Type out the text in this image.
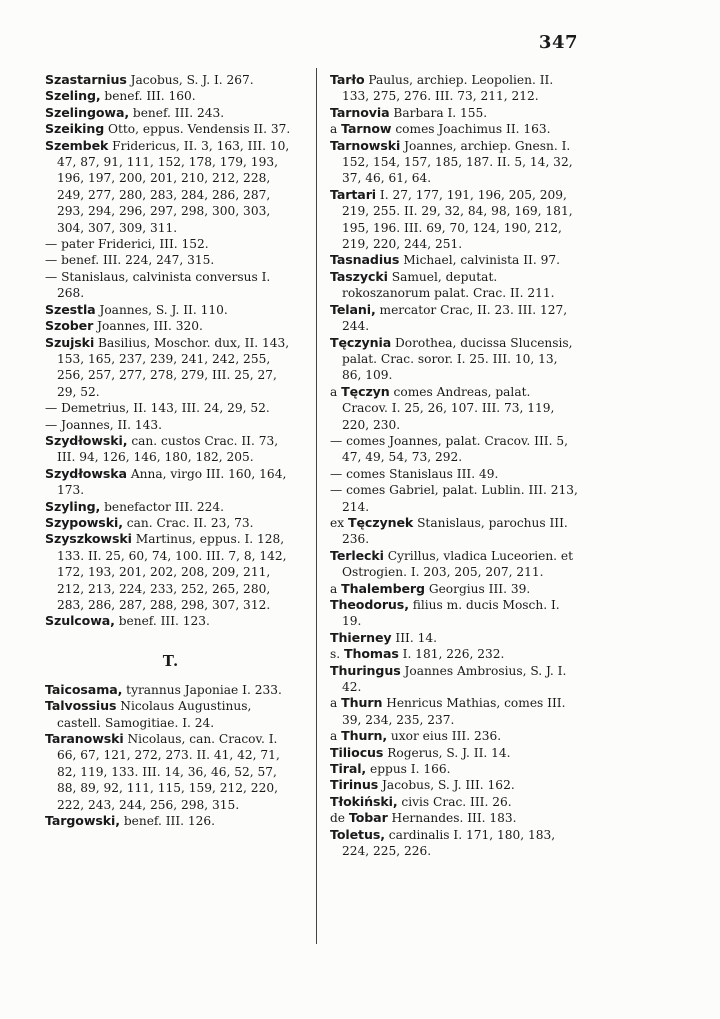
347

Szastarnius Jacobus, S. J. I. 267.

Szeling, benef. III. 160.

Szelingowa, benef. III. 243.

Szeiking Otto, eppus. Vendensis II. 37.

Szembek Fridericus, II. 3, 163, III. 10, 47, 87, 91, 111, 152, 178, 179, 193, 196, 197, 200, 201, 210, 212, 228, 249, 277, 280, 283, 284, 286, 287, 293, 294, 296, 297, 298, 300, 303, 304, 307, 309, 311.

— pater Friderici, III. 152.

— benef. III. 224, 247, 315.

— Stanislaus, calvinista conversus I. 268.

Szestla Joannes, S. J. II. 110.

Szober Joannes, III. 320.

Szujski Basilius, Moschor. dux, II. 143, 153, 165, 237, 239, 241, 242, 255, 256, 257, 277, 278, 279, III. 25, 27, 29, 52.

— Demetrius, II. 143, III. 24, 29, 52.

— Joannes, II. 143.

Szydłowski, can. custos Crac. II. 73, III. 94, 126, 146, 180, 182, 205.

Szydłowska Anna, virgo III. 160, 164, 173.

Szyling, benefactor III. 224.

Szypowski, can. Crac. II. 23, 73.

Szyszkowski Martinus, eppus. I. 128, 133. II. 25, 60, 74, 100. III. 7, 8, 142, 172, 193, 201, 202, 208, 209, 211, 212, 213, 224, 233, 252, 265, 280, 283, 286, 287, 288, 298, 307, 312.

Szulcowa, benef. III. 123.

T.

Taicosama, tyrannus Japoniae I. 233.

Talvossius Nicolaus Augustinus, castell. Samogitiae. I. 24.

Taranowski Nicolaus, can. Cracov. I. 66, 67, 121, 272, 273. II. 41, 42, 71, 82, 119, 133. III. 14, 36, 46, 52, 57, 88, 89, 92, 111, 115, 159, 212, 220, 222, 243, 244, 256, 298, 315.

Targowski, benef. III. 126.

Tarło Paulus, archiep. Leopolien. II. 133, 275, 276. III. 73, 211, 212.

Tarnovia Barbara I. 155.

a Tarnow comes Joachimus II. 163.

Tarnowski Joannes, archiep. Gnesn. I. 152, 154, 157, 185, 187. II. 5, 14, 32, 37, 46, 61, 64.

Tartari I. 27, 177, 191, 196, 205, 209, 219, 255. II. 29, 32, 84, 98, 169, 181, 195, 196. III. 69, 70, 124, 190, 212, 219, 220, 244, 251.

Tasnadius Michael, calvinista II. 97.

Taszycki Samuel, deputat. rokoszanorum palat. Crac. II. 211.

Telani, mercator Crac, II. 23. III. 127, 244.

Tęczynia Dorothea, ducissa Slucensis, palat. Crac. soror. I. 25. III. 10, 13, 86, 109.

a Tęczyn comes Andreas, palat. Cracov. I. 25, 26, 107. III. 73, 119, 220, 230.

— comes Joannes, palat. Cracov. III. 5, 47, 49, 54, 73, 292.

— comes Stanislaus III. 49.

— comes Gabriel, palat. Lublin. III. 213, 214.

ex Tęczynek Stanislaus, parochus III. 236.

Terlecki Cyrillus, vladica Luceorien. et Ostrogien. I. 203, 205, 207, 211.

a Thalemberg Georgius III. 39.

Theodorus, filius m. ducis Mosch. I. 19.

Thierney III. 14.

s. Thomas I. 181, 226, 232.

Thuringus Joannes Ambrosius, S. J. I. 42.

a Thurn Henricus Mathias, comes III. 39, 234, 235, 237.

a Thurn, uxor eius III. 236.

Tiliocus Rogerus, S. J. II. 14.

Tiral, eppus I. 166.

Tirinus Jacobus, S. J. III. 162.

Tłokiński, civis Crac. III. 26.

de Tobar Hernandes. III. 183.

Toletus, cardinalis I. 171, 180, 183, 224, 225, 226.
